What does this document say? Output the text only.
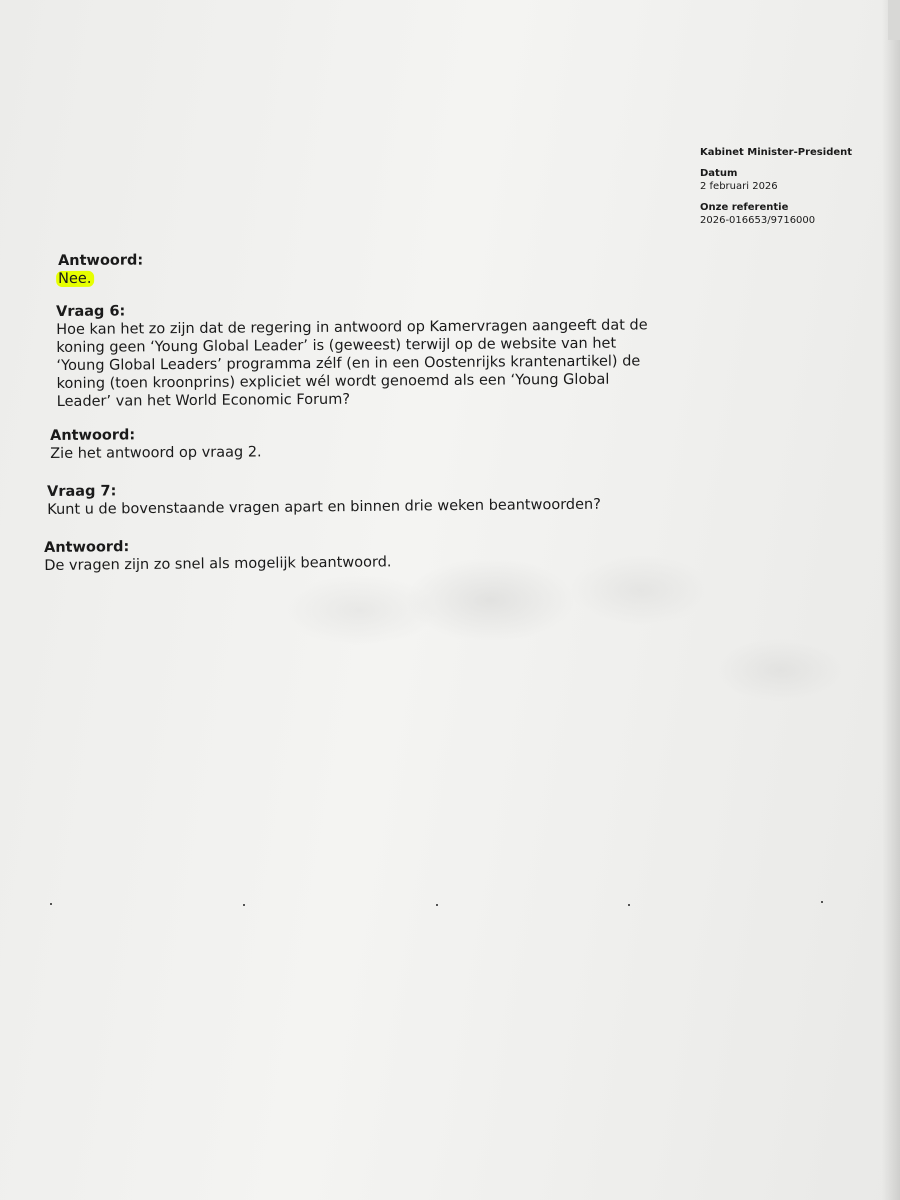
Kabinet Minister-President
Datum
2 februari 2026
Onze referentie
2026-016653/9716000
Antwoord:

Nee.

Vraag 6:

Hoe kan het zo zijn dat de regering in antwoord op Kamervragen aangeeft dat de

koning geen ‘Young Global Leader’ is (geweest) terwijl op de website van het

‘Young Global Leaders’ programma zélf (en in een Oostenrijks krantenartikel) de

koning (toen kroonprins) expliciet wél wordt genoemd als een ‘Young Global

Leader’ van het World Economic Forum?

Antwoord:

Zie het antwoord op vraag 2.

Vraag 7:

Kunt u de bovenstaande vragen apart en binnen drie weken beantwoorden?

Antwoord:

De vragen zijn zo snel als mogelijk beantwoord.
